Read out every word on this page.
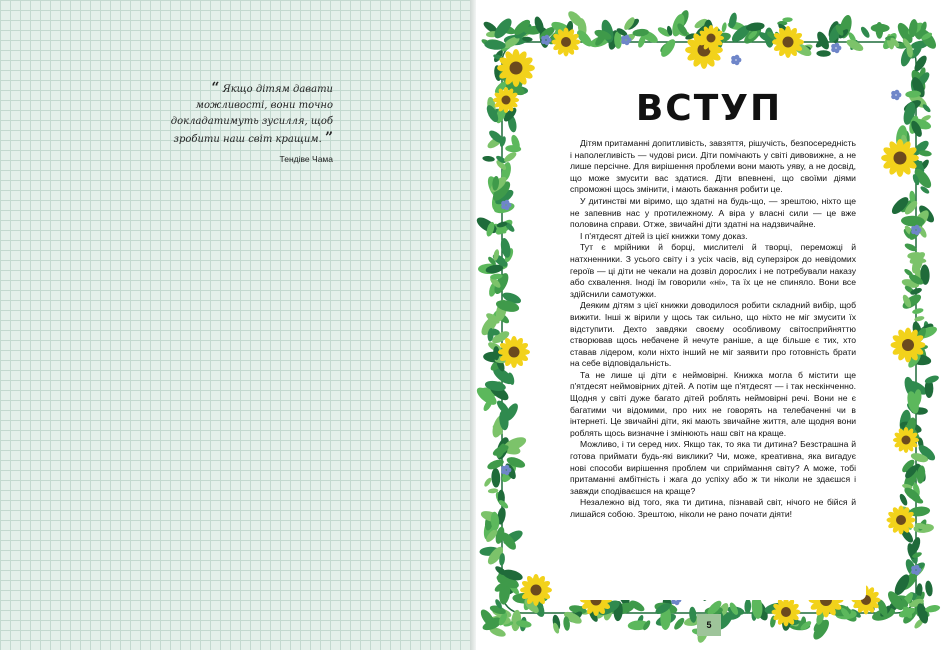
“ Якщо дітям давати можливості, вони точно докладатимуть зусилля, щоб зробити наш світ кращим. ”
Тендіве Чама
ВСТУП

Дітям притаманні допитливість, завзяття, рішучість, безпосередність і наполегливість — чудові риси. Діти помічають у світі дивовижне, а не лише персічне. Для вирішення проблеми вони мають уяву, а не досвід, що може змусити вас здатися. Діти впевнені, що своїми діями спроможні щось змінити, і мають бажання робити це.

У дитинстві ми віримо, що здатні на будь-що, — зрештою, ніхто ще не запевнив нас у протилежному. А віра у власні сили — це вже половина справи. Отже, звичайні діти здатні на надзвичайне.

І п'ятдесят дітей із цієї книжки тому доказ.

Тут є мрійники й борці, мислителі й творці, переможці й натхненники. З усього світу і з усіх часів, від суперзірок до невідомих героїв — ці діти не чекали на дозвіл дорослих і не потребували наказу або схвалення. Іноді їм говорили «ні», та їх це не спиняло. Вони все здійснили самотужки.

Деяким дітям з цієї книжки доводилося робити складний вибір, щоб вижити. Інші ж вірили у щось так сильно, що ніхто не міг змусити їх відступити. Дехто завдяки своєму особливому світосприйняттю створював щось небачене й нечуте раніше, а ще більше є тих, хто ставав лідером, коли ніхто інший не міг заявити про готовність брати на себе відповідальність.

Та не лише ці діти є неймовірні. Книжка могла б містити ще п'ятдесят неймовірних дітей. А потім ще п'ятдесят — і так нескінченно. Щодня у світі дуже багато дітей роблять неймовірні речі. Вони не є багатими чи відомими, про них не говорять на телебаченні чи в інтернеті. Це звичайні діти, які мають звичайне життя, але щодня вони роблять щось визначне і змінюють наш світ на краще.

Можливо, і ти серед них. Якщо так, то яка ти дитина? Безстрашна й готова приймати будь-які виклики? Чи, може, креативна, яка вигадує нові способи вирішення проблем чи сприймання світу? А може, тобі притаманні амбітність і жага до успіху або ж ти ніколи не здаєшся і завжди сподіваєшся на краще?

Незалежно від того, яка ти дитина, пізнавай світ, нічого не бійся й лишайся собою. Зрештою, ніколи не рано почати діяти!

5
